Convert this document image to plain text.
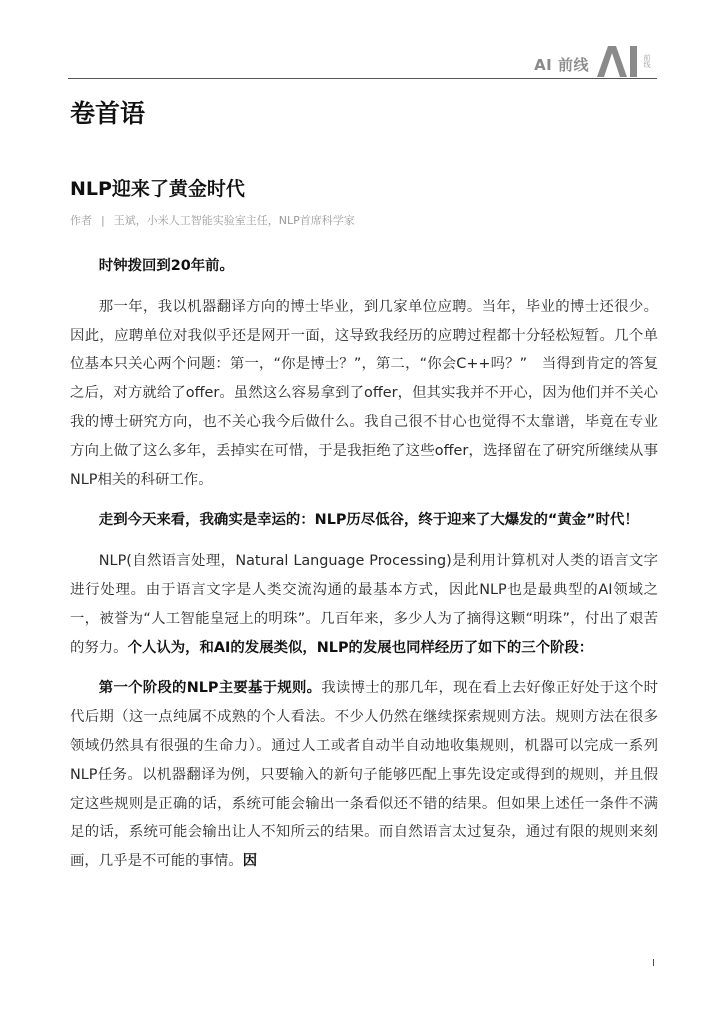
AI 前线	前线
卷首语
NLP迎来了黄金时代
作者 | 王斌，小米人工智能实验室主任，NLP首席科学家

时钟拨回到20年前。

那一年，我以机器翻译方向的博士毕业，到几家单位应聘。当年，毕业的博士还很少。因此，应聘单位对我似乎还是网开一面，这导致我经历的应聘过程都十分轻松短暂。几个单位基本只关心两个问题：第一，“你是博士？”，第二，“你会C++吗？”　当得到肯定的答复之后，对方就给了offer。虽然这么容易拿到了offer，但其实我并不开心，因为他们并不关心我的博士研究方向，也不关心我今后做什么。我自己很不甘心也觉得不太靠谱，毕竟在专业方向上做了这么多年，丢掉实在可惜，于是我拒绝了这些offer，选择留在了研究所继续从事NLP相关的科研工作。

走到今天来看，我确实是幸运的：NLP历尽低谷，终于迎来了大爆发的“黄金”时代！

NLP(自然语言处理，Natural Language Processing)是利用计算机对人类的语言文字进行处理。由于语言文字是人类交流沟通的最基本方式，因此NLP也是最典型的AI领域之一，被誉为“人工智能皇冠上的明珠”。几百年来，多少人为了摘得这颗“明珠”，付出了艰苦的努力。个人认为，和AI的发展类似，NLP的发展也同样经历了如下的三个阶段：

第一个阶段的NLP主要基于规则。我读博士的那几年，现在看上去好像正好处于这个时代后期（这一点纯属不成熟的个人看法。不少人仍然在继续探索规则方法。规则方法在很多领域仍然具有很强的生命力）。通过人工或者自动半自动地收集规则，机器可以完成一系列NLP任务。以机器翻译为例，只要输入的新句子能够匹配上事先设定或得到的规则，并且假定这些规则是正确的话，系统可能会输出一条看似还不错的结果。但如果上述任一条件不满足的话，系统可能会输出让人不知所云的结果。而自然语言太过复杂，通过有限的规则来刻画，几乎是不可能的事情。因

I
